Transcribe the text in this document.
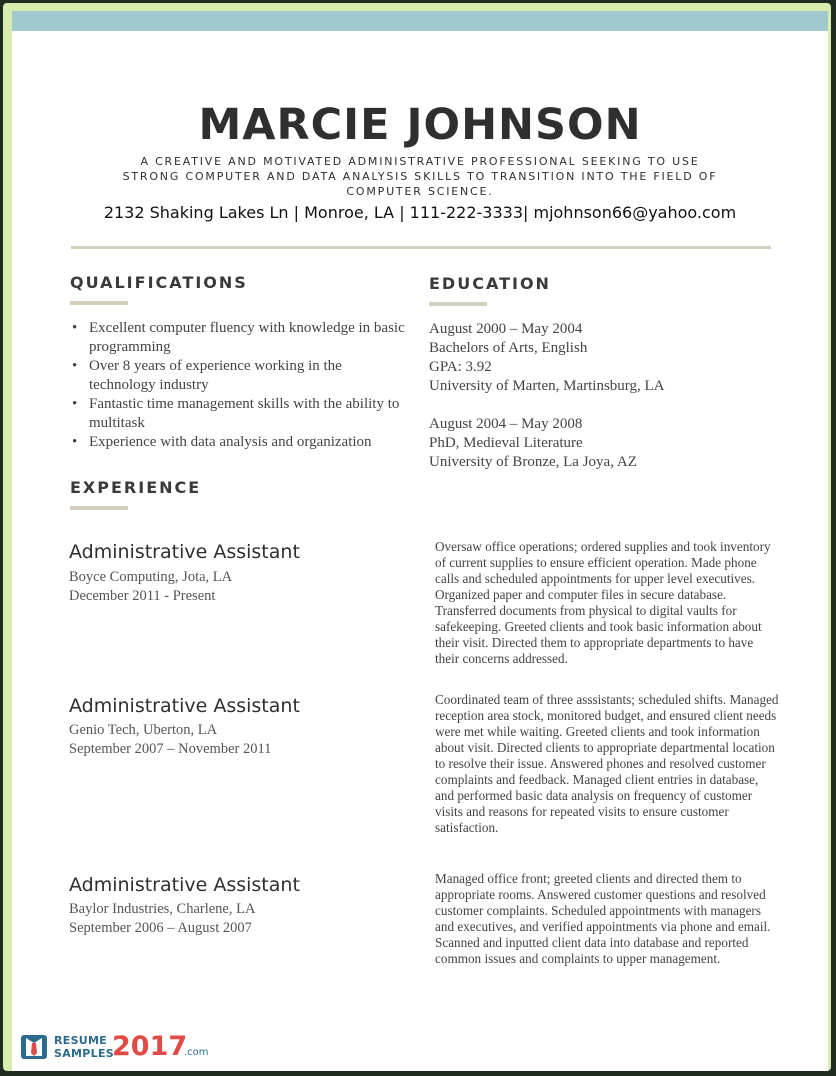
MARCIE JOHNSON
A CREATIVE AND MOTIVATED ADMINISTRATIVE PROFESSIONAL SEEKING TO USE STRONG COMPUTER AND DATA ANALYSIS SKILLS TO TRANSITION INTO THE FIELD OF COMPUTER SCIENCE.
2132 Shaking Lakes Ln | Monroe, LA | 111-222-3333| mjohnson66@yahoo.com
QUALIFICATIONS
• Excellent computer fluency with knowledge in basic programming
• Over 8 years of experience working in the technology industry
• Fantastic time management skills with the ability to multitask
• Experience with data analysis and organization
EDUCATION
August 2000 – May 2004
Bachelors of Arts, English
GPA: 3.92
University of Marten, Martinsburg, LA
August 2004 – May 2008
PhD, Medieval Literature
University of Bronze, La Joya, AZ
EXPERIENCE
Administrative Assistant
Boyce Computing, Jota, LA
December 2011 - Present
Oversaw office operations; ordered supplies and took inventory of current supplies to ensure efficient operation. Made phone calls and scheduled appointments for upper level executives. Organized paper and computer files in secure database. Transferred documents from physical to digital vaults for safekeeping. Greeted clients and took basic information about their visit. Directed them to appropriate departments to have their concerns addressed.
Administrative Assistant
Genio Tech, Uberton, LA
September 2007 – November 2011
Coordinated team of three asssistants; scheduled shifts. Managed reception area stock, monitored budget, and ensured client needs were met while waiting. Greeted clients and took information about visit. Directed clients to appropriate departmental location to resolve their issue. Answered phones and resolved customer complaints and feedback. Managed client entries in database, and performed basic data analysis on frequency of customer visits and reasons for repeated visits to ensure customer satisfaction.
Administrative Assistant
Baylor Industries, Charlene, LA
September 2006 – August 2007
Managed office front; greeted clients and directed them to appropriate rooms. Answered customer questions and resolved customer complaints. Scheduled appointments with managers and executives, and verified appointments via phone and email. Scanned and inputted client data into database and reported common issues and complaints to upper management.
RESUME
SAMPLES
2017
.com
